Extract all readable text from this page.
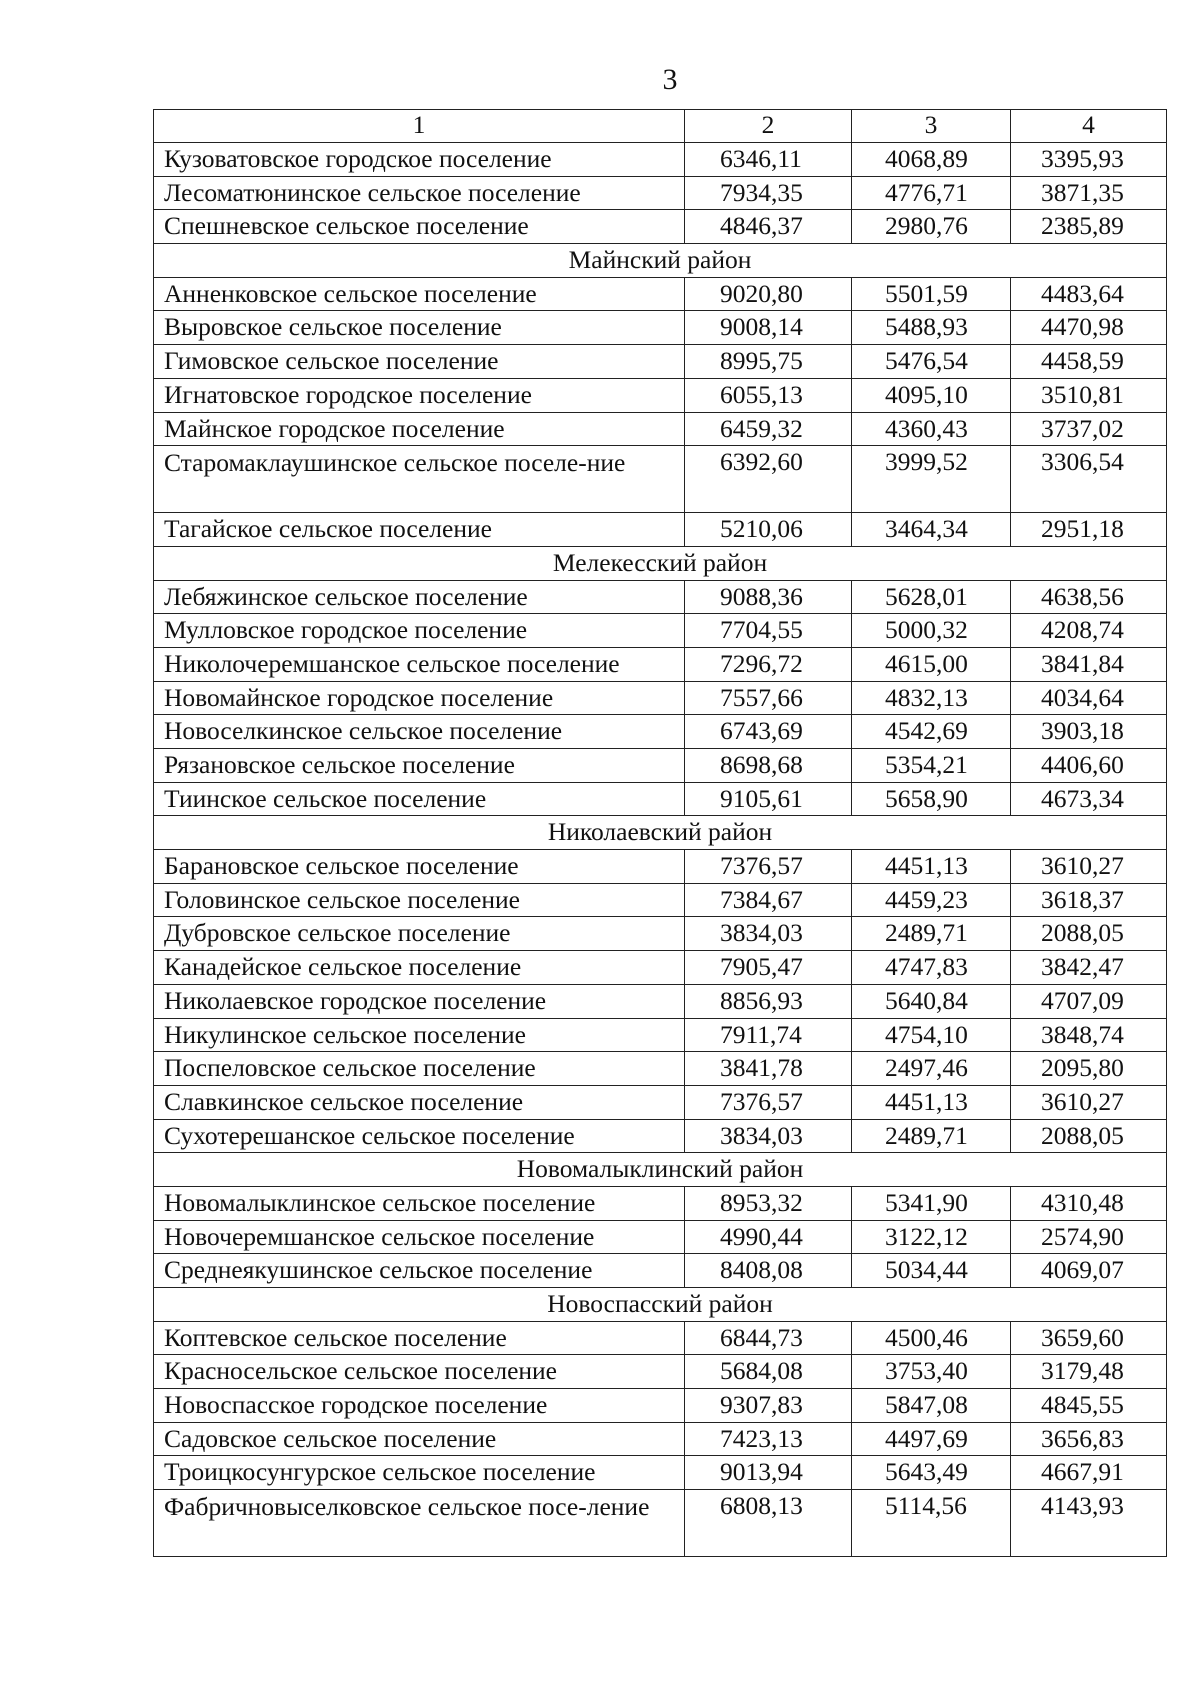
3
1	2	3	4
Кузоватовское городское поселение	6346,11	4068,89	3395,93
Лесоматюнинское сельское поселение	7934,35	4776,71	3871,35
Спешневское сельское поселение	4846,37	2980,76	2385,89
Майнский район			
Анненковское сельское поселение	9020,80	5501,59	4483,64
Выровское сельское поселение	9008,14	5488,93	4470,98
Гимовское сельское поселение	8995,75	5476,54	4458,59
Игнатовское городское поселение	6055,13	4095,10	3510,81
Майнское городское поселение	6459,32	4360,43	3737,02
Старомаклаушинское сельское поселе-ние	6392,60	3999,52	3306,54
Тагайское сельское поселение	5210,06	3464,34	2951,18
Мелекесский район			
Лебяжинское сельское поселение	9088,36	5628,01	4638,56
Мулловское городское поселение	7704,55	5000,32	4208,74
Николочеремшанское сельское поселение	7296,72	4615,00	3841,84
Новомайнское городское поселение	7557,66	4832,13	4034,64
Новоселкинское сельское поселение	6743,69	4542,69	3903,18
Рязановское сельское поселение	8698,68	5354,21	4406,60
Тиинское сельское поселение	9105,61	5658,90	4673,34
Николаевский район			
Барановское сельское поселение	7376,57	4451,13	3610,27
Головинское сельское поселение	7384,67	4459,23	3618,37
Дубровское сельское поселение	3834,03	2489,71	2088,05
Канадейское сельское поселение	7905,47	4747,83	3842,47
Николаевское городское поселение	8856,93	5640,84	4707,09
Никулинское сельское поселение	7911,74	4754,10	3848,74
Поспеловское сельское поселение	3841,78	2497,46	2095,80
Славкинское сельское поселение	7376,57	4451,13	3610,27
Сухотерешанское сельское поселение	3834,03	2489,71	2088,05
Новомалыклинский район			
Новомалыклинское сельское поселение	8953,32	5341,90	4310,48
Новочеремшанское сельское поселение	4990,44	3122,12	2574,90
Среднеякушинское сельское поселение	8408,08	5034,44	4069,07
Новоспасский район			
Коптевское сельское поселение	6844,73	4500,46	3659,60
Красносельское сельское поселение	5684,08	3753,40	3179,48
Новоспасское городское поселение	9307,83	5847,08	4845,55
Садовское сельское поселение	7423,13	4497,69	3656,83
Троицкосунгурское сельское поселение	9013,94	5643,49	4667,91
Фабричновыселковское сельское посе-ление	6808,13	5114,56	4143,93
